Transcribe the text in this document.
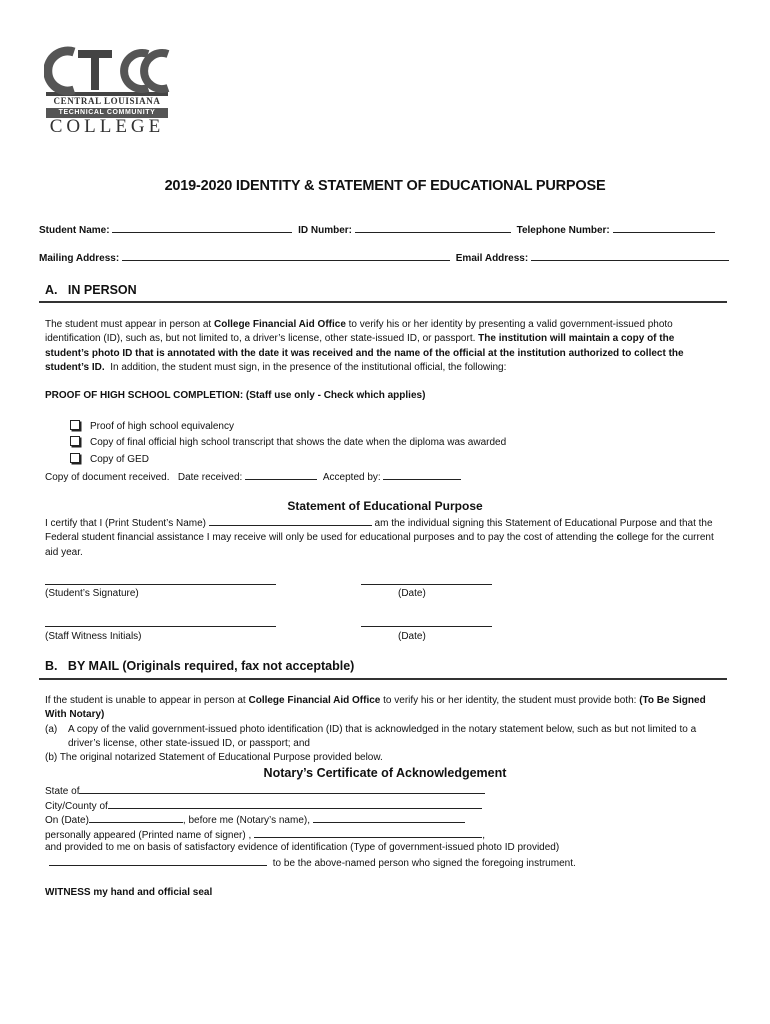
CENTRAL LOUISIANA
TECHNICAL COMMUNITY
COLLEGE
2019-2020 IDENTITY & STATEMENT OF EDUCATIONAL PURPOSE
Student Name:	ID Number:	Telephone Number:
Mailing Address:	Email Address:
A.   IN PERSON
The student must appear in person at College Financial Aid Office to verify his or her identity by presenting a valid government-issued photo identification (ID), such as, but not limited to, a driver’s license, other state-issued ID, or passport. The institution will maintain a copy of the student’s photo ID that is annotated with the date it was received and the name of the official at the institution authorized to collect the student’s ID.  In addition, the student must sign, in the presence of the institutional official, the following:
PROOF OF HIGH SCHOOL COMPLETION: (Staff use only - Check which applies)
Proof of high school equivalency
Copy of final official high school transcript that shows the date when the diploma was awarded
Copy of GED
Copy of document received.   Date received:	Accepted by:
Statement of Educational Purpose
I certify that I (Print Student’s Name)	am the individual signing this Statement of Educational Purpose and that the Federal student financial assistance I may receive will only be used for educational purposes and to pay the cost of attending the college for the current aid year.
(Student’s Signature)	(Date)
(Staff Witness Initials)	(Date)
B.   BY MAIL (Originals required, fax not acceptable)
If the student is unable to appear in person at College Financial Aid Office to verify his or her identity, the student must provide both: (To Be Signed With Notary)
(a)	A copy of the valid government-issued photo identification (ID) that is acknowledged in the notary statement below, such as but not limited to a driver’s license, other state-issued ID, or passport; and
(b) The original notarized Statement of Educational Purpose provided below.
Notary’s Certificate of Acknowledgement
State of
City/County of
On (Date)	, before me (Notary’s name),
personally appeared (Printed name of signer) ,	,
and provided to me on basis of satisfactory evidence of identification (Type of government-issued photo ID provided)
to be the above-named person who signed the foregoing instrument.
WITNESS my hand and official seal
